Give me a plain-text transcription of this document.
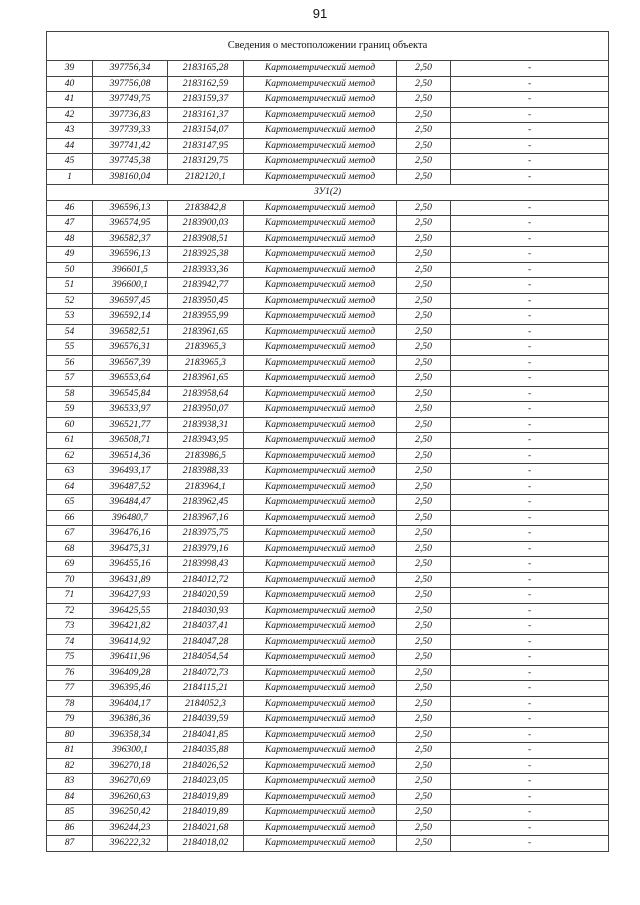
91
Сведения о местоположении границ объекта					
39	397756,34	2183165,28	Картометрический метод	2,50	-
40	397756,08	2183162,59	Картометрический метод	2,50	-
41	397749,75	2183159,37	Картометрический метод	2,50	-
42	397736,83	2183161,37	Картометрический метод	2,50	-
43	397739,33	2183154,07	Картометрический метод	2,50	-
44	397741,42	2183147,95	Картометрический метод	2,50	-
45	397745,38	2183129,75	Картометрический метод	2,50	-
1	398160,04	2182120,1	Картометрический метод	2,50	-
ЗУ1(2)					
46	396596,13	2183842,8	Картометрический метод	2,50	-
47	396574,95	2183900,03	Картометрический метод	2,50	-
48	396582,37	2183908,51	Картометрический метод	2,50	-
49	396596,13	2183925,38	Картометрический метод	2,50	-
50	396601,5	2183933,36	Картометрический метод	2,50	-
51	396600,1	2183942,77	Картометрический метод	2,50	-
52	396597,45	2183950,45	Картометрический метод	2,50	-
53	396592,14	2183955,99	Картометрический метод	2,50	-
54	396582,51	2183961,65	Картометрический метод	2,50	-
55	396576,31	2183965,3	Картометрический метод	2,50	-
56	396567,39	2183965,3	Картометрический метод	2,50	-
57	396553,64	2183961,65	Картометрический метод	2,50	-
58	396545,84	2183958,64	Картометрический метод	2,50	-
59	396533,97	2183950,07	Картометрический метод	2,50	-
60	396521,77	2183938,31	Картометрический метод	2,50	-
61	396508,71	2183943,95	Картометрический метод	2,50	-
62	396514,36	2183986,5	Картометрический метод	2,50	-
63	396493,17	2183988,33	Картометрический метод	2,50	-
64	396487,52	2183964,1	Картометрический метод	2,50	-
65	396484,47	2183962,45	Картометрический метод	2,50	-
66	396480,7	2183967,16	Картометрический метод	2,50	-
67	396476,16	2183975,75	Картометрический метод	2,50	-
68	396475,31	2183979,16	Картометрический метод	2,50	-
69	396455,16	2183998,43	Картометрический метод	2,50	-
70	396431,89	2184012,72	Картометрический метод	2,50	-
71	396427,93	2184020,59	Картометрический метод	2,50	-
72	396425,55	2184030,93	Картометрический метод	2,50	-
73	396421,82	2184037,41	Картометрический метод	2,50	-
74	396414,92	2184047,28	Картометрический метод	2,50	-
75	396411,96	2184054,54	Картометрический метод	2,50	-
76	396409,28	2184072,73	Картометрический метод	2,50	-
77	396395,46	2184115,21	Картометрический метод	2,50	-
78	396404,17	2184052,3	Картометрический метод	2,50	-
79	396386,36	2184039,59	Картометрический метод	2,50	-
80	396358,34	2184041,85	Картометрический метод	2,50	-
81	396300,1	2184035,88	Картометрический метод	2,50	-
82	396270,18	2184026,52	Картометрический метод	2,50	-
83	396270,69	2184023,05	Картометрический метод	2,50	-
84	396260,63	2184019,89	Картометрический метод	2,50	-
85	396250,42	2184019,89	Картометрический метод	2,50	-
86	396244,23	2184021,68	Картометрический метод	2,50	-
87	396222,32	2184018,02	Картометрический метод	2,50	-
